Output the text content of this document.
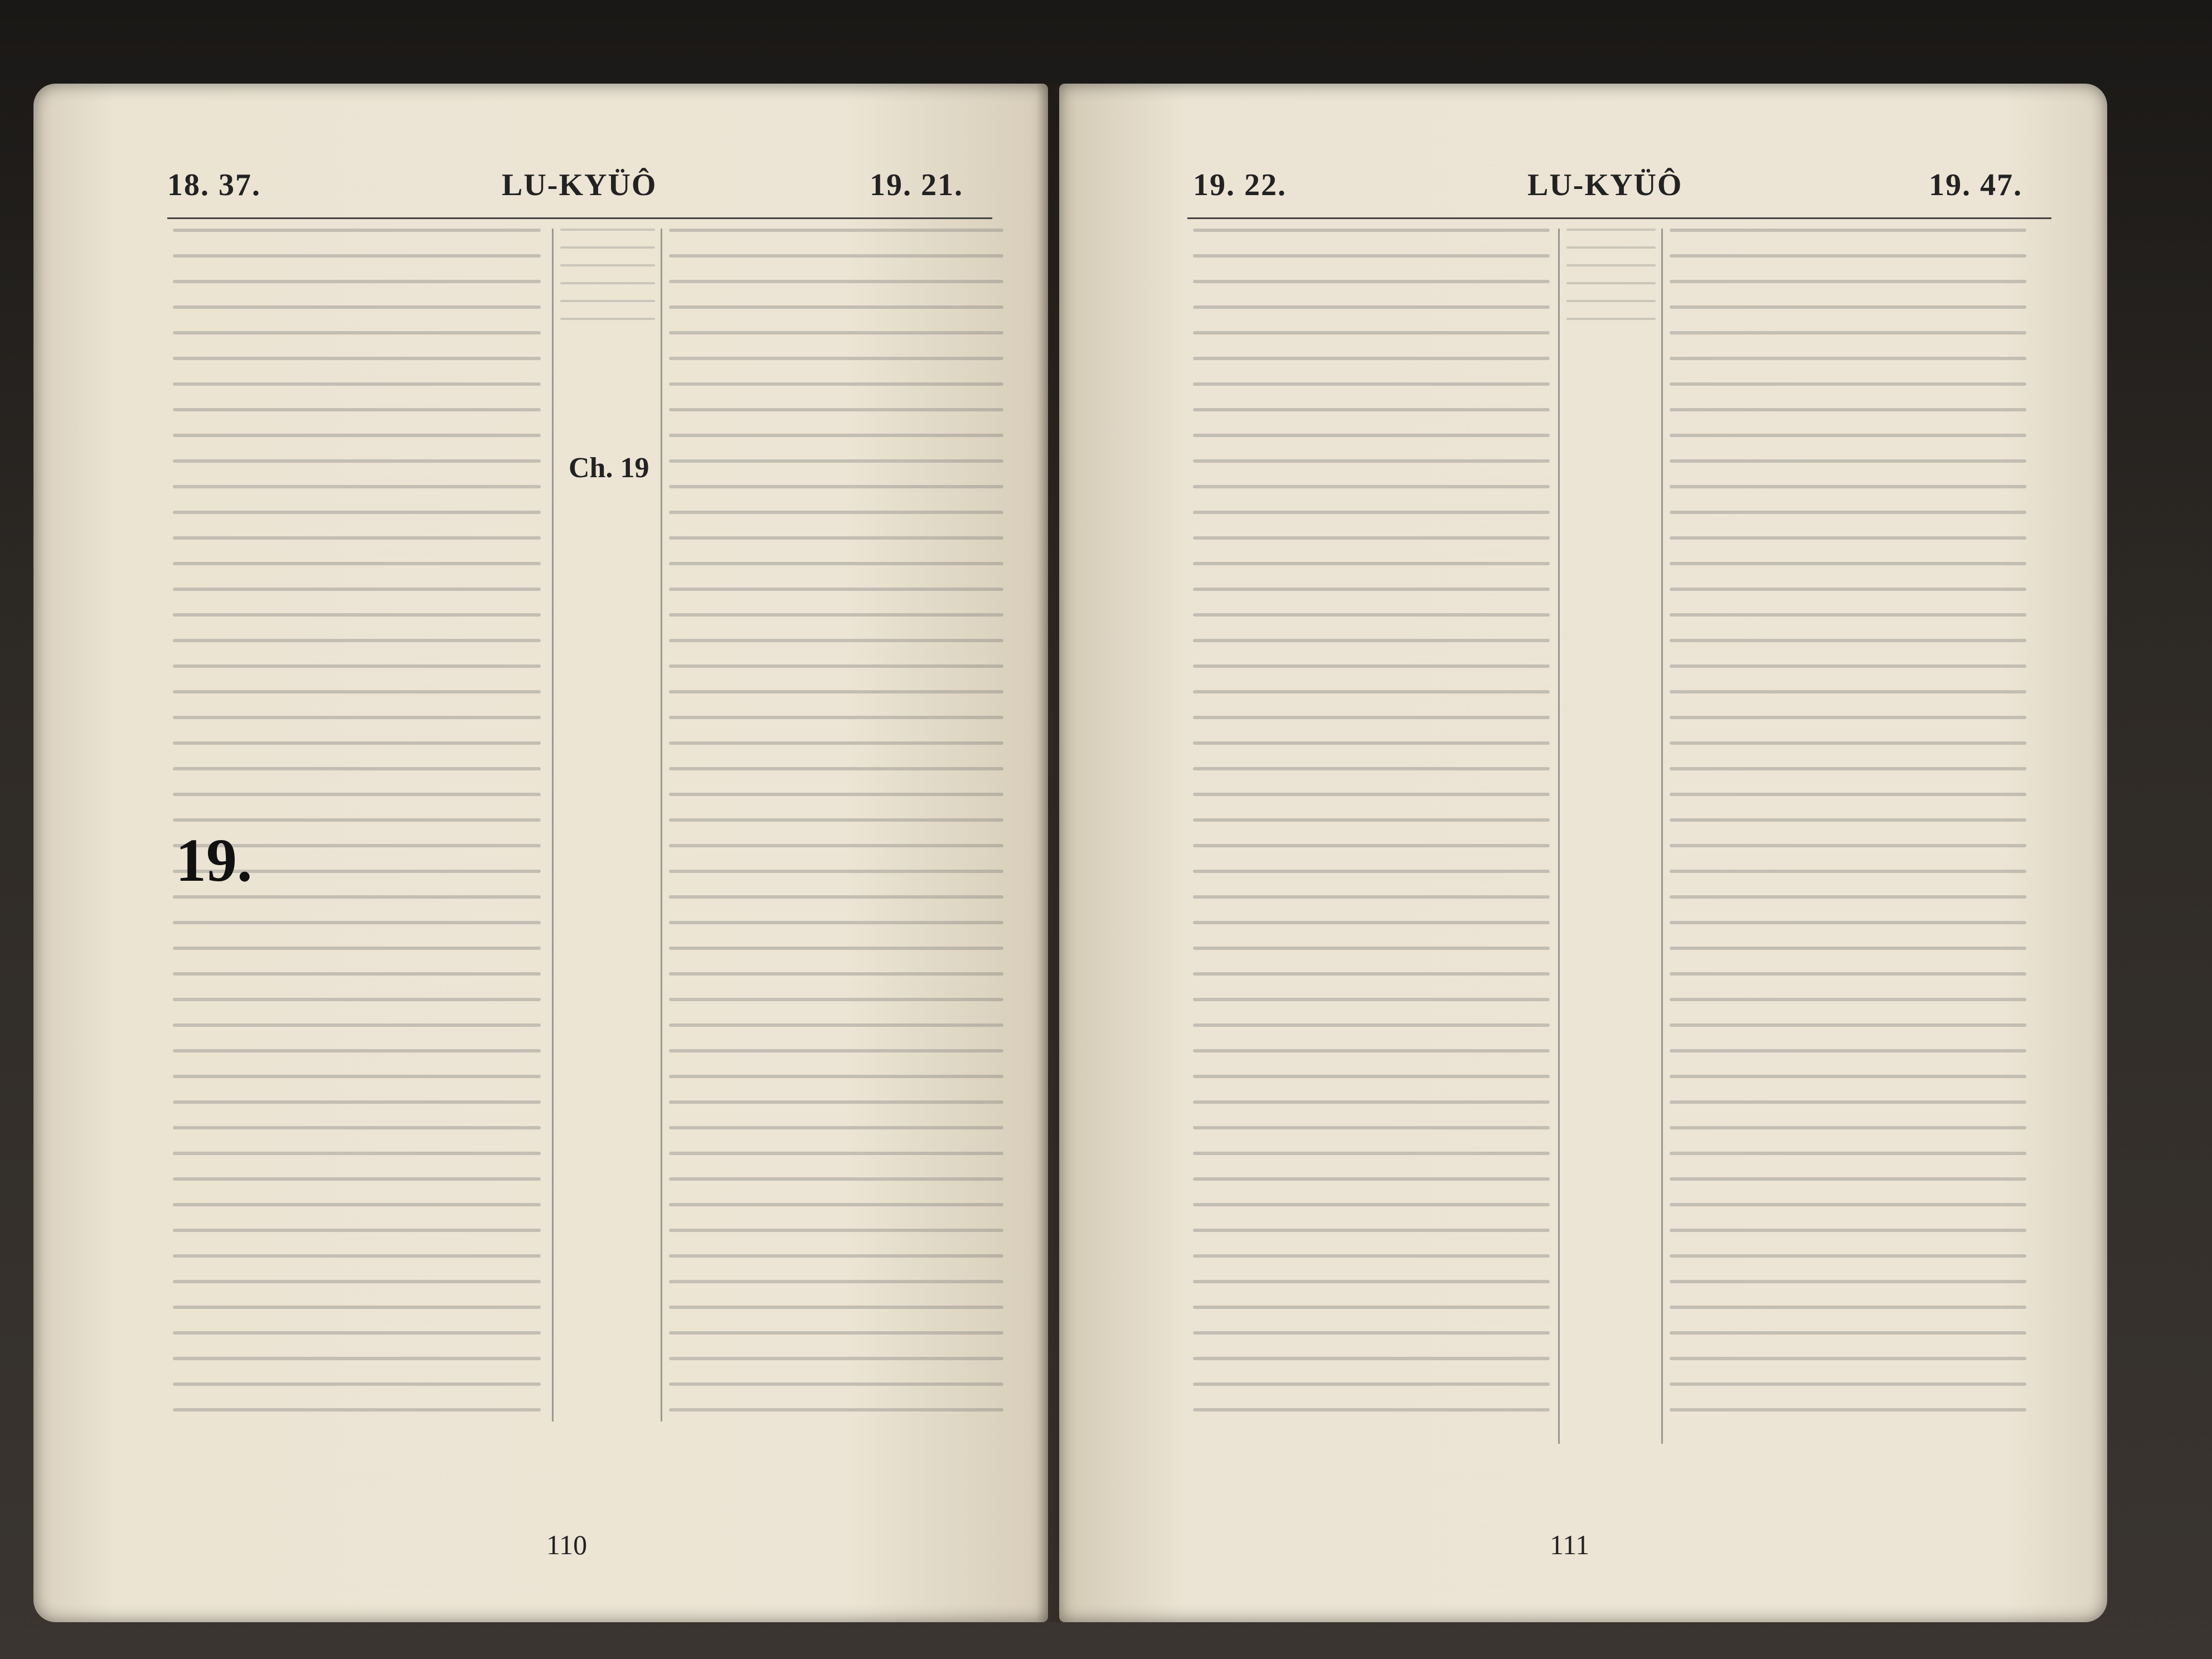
18. 37.	LU-KYÜÔ	19. 21.
19.
Ch. 19
110
19. 22.	LU-KYÜÔ	19. 47.
111
